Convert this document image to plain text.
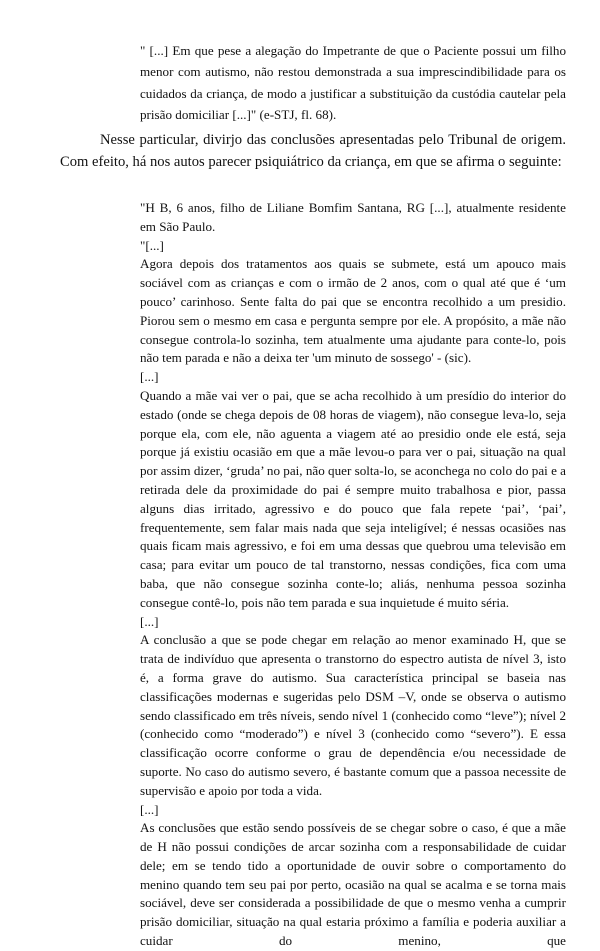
" [...] Em que pese a alegação do Impetrante de que o Paciente possui um filho menor com autismo, não restou demonstrada a sua imprescindibilidade para os cuidados da criança, de modo a justificar a substituição da custódia cautelar pela prisão domiciliar [...]" (e-STJ, fl. 68).
Nesse particular, divirjo das conclusões apresentadas pelo Tribunal de origem. Com efeito, há nos autos parecer psiquiátrico da criança, em que se afirma o seguinte:

"H B, 6 anos, filho de Liliane Bomfim Santana, RG [...], atualmente residente em São Paulo.

"[...]

Agora depois dos tratamentos aos quais se submete, está um apouco mais sociável com as crianças e com o irmão de 2 anos, com o qual até que é ‘um pouco’ carinhoso. Sente falta do pai que se encontra recolhido a um presidio. Piorou sem o mesmo em casa e pergunta sempre por ele. A propósito, a mãe não consegue controla-lo sozinha, tem atualmente uma ajudante para conte-lo, pois não tem parada e não a deixa ter 'um minuto de sossego' - (sic).

[...]

Quando a mãe vai ver o pai, que se acha recolhido à um presídio do interior do estado (onde se chega depois de 08 horas de viagem), não consegue leva-lo, seja porque ela, com ele, não aguenta a viagem até ao presidio onde ele está, seja porque já existiu ocasião em que a mãe levou-o para ver o pai, situação na qual por assim dizer, ‘gruda’ no pai, não quer solta-lo, se aconchega no colo do pai e a retirada dele da proximidade do pai é sempre muito trabalhosa e pior, passa alguns dias irritado, agressivo e do pouco que fala repete ‘pai’, ‘pai’, frequentemente, sem falar mais nada que seja inteligível; é nessas ocasiões nas quais ficam mais agressivo, e foi em uma dessas que quebrou uma televisão em casa; para evitar um pouco de tal transtorno, nessas condições, fica com uma baba, que não consegue sozinha conte-lo; aliás, nenhuma pessoa sozinha consegue contê-lo, pois não tem parada e sua inquietude é muito séria.

[...]

A conclusão a que se pode chegar em relação ao menor examinado H, que se trata de indivíduo que apresenta o transtorno do espectro autista de nível 3, isto é, a forma grave do autismo. Sua característica principal se baseia nas classificações modernas e sugeridas pelo DSM –V, onde se observa o autismo sendo classificado em três níveis, sendo nível 1 (conhecido como “leve”); nível 2 (conhecido como “moderado”) e nível 3 (conhecido como “severo”). E essa classificação ocorre conforme o grau de dependência e/ou necessidade de suporte. No caso do autismo severo, é bastante comum que a passoa necessite de supervisão e apoio por toda a vida.

[...]

As conclusões que estão sendo possíveis de se chegar sobre o caso, é que a mãe de H não possui condições de arcar sozinha com a responsabilidade de cuidar dele; em se tendo tido a oportunidade de ouvir sobre o comportamento do menino quando tem seu pai por perto, ocasião na qual se acalma e se torna mais sociável, deve ser considerada a possibilidade de que o mesmo venha a cumprir prisão domiciliar, situação na qual estaria próximo a família e poderia auxiliar a cuidar do menino, que
